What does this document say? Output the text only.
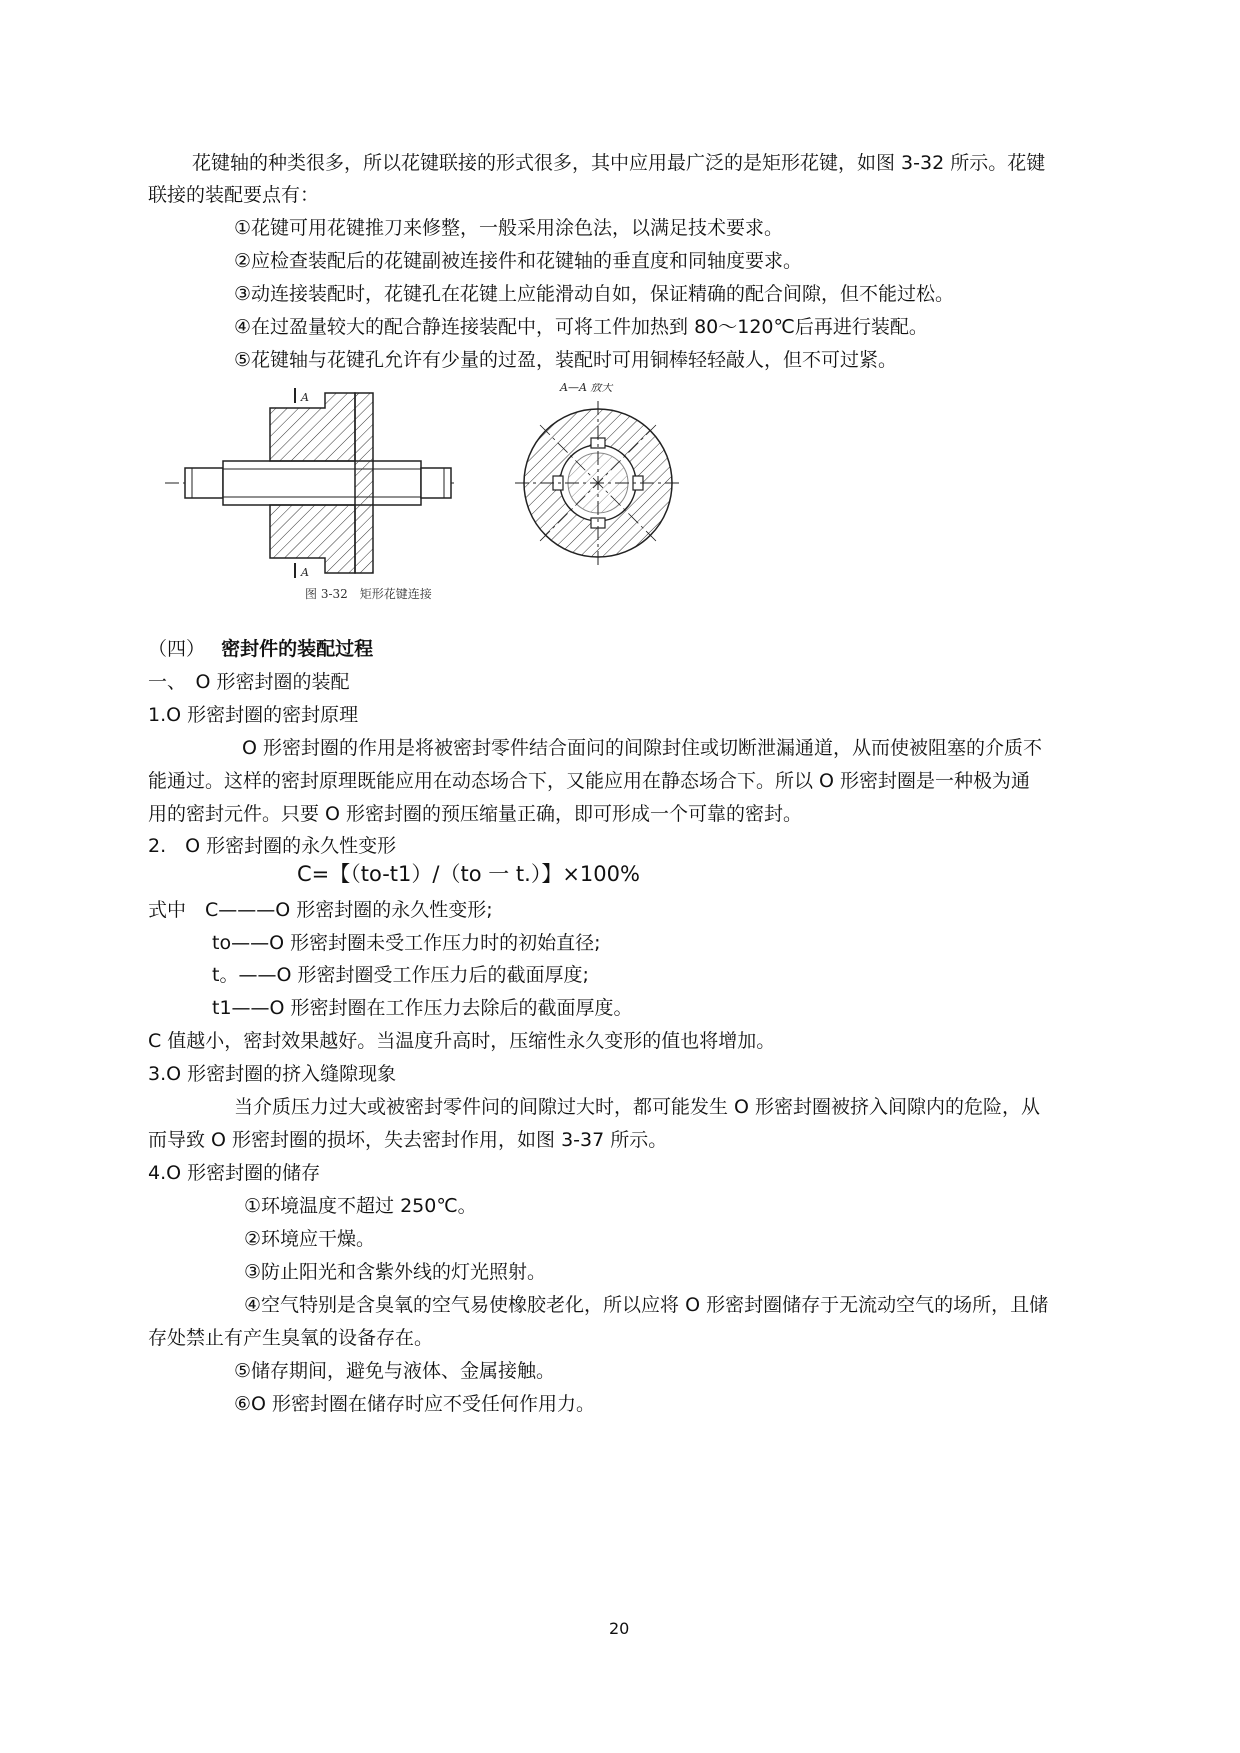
花键轴的种类很多，所以花键联接的形式很多，其中应用最广泛的是矩形花键，如图 3-32 所示。花键
联接的装配要点有：
①花键可用花键推刀来修整，一般采用涂色法，以满足技术要求。
②应检查装配后的花键副被连接件和花键轴的垂直度和同轴度要求。
③动连接装配时，花键孔在花键上应能滑动自如，保证精确的配合间隙，但不能过松。
④在过盈量较大的配合静连接装配中，可将工件加热到 80～120℃后再进行装配。
⑤花键轴与花键孔允许有少量的过盈，装配时可用铜棒轻轻敲人，但不可过紧。
A
A
A—A 放大
图 3-32　矩形花键连接
（四） 密封件的装配过程
一、　O 形密封圈的装配
1.O 形密封圈的密封原理
O 形密封圈的作用是将被密封零件结合面问的间隙封住或切断泄漏通道，从而使被阻塞的介质不
能通过。这样的密封原理既能应用在动态场合下，又能应用在静态场合下。所以 O 形密封圈是一种极为通
用的密封元件。只要 O 形密封圈的预压缩量正确，即可形成一个可靠的密封。
2.　O 形密封圈的永久性变形
C=【（to-t1）/（to 一 t.）】×100%
式中　C———O 形密封圈的永久性变形;
to——O 形密封圈未受工作压力时的初始直径;
t。——O 形密封圈受工作压力后的截面厚度;
t1——O 形密封圈在工作压力去除后的截面厚度。
C 值越小，密封效果越好。当温度升高时，压缩性永久变形的值也将增加。
3.O 形密封圈的挤入缝隙现象
当介质压力过大或被密封零件问的间隙过大时，都可能发生 O 形密封圈被挤入间隙内的危险，从
而导致 O 形密封圈的损坏，失去密封作用，如图 3-37 所示。
4.O 形密封圈的储存
①环境温度不超过 250℃。
②环境应干燥。
③防止阳光和含紫外线的灯光照射。
④空气特别是含臭氧的空气易使橡胶老化，所以应将 O 形密封圈储存于无流动空气的场所，且储
存处禁止有产生臭氧的设备存在。
⑤储存期间，避免与液体、金属接触。
⑥O 形密封圈在储存时应不受任何作用力。
20
